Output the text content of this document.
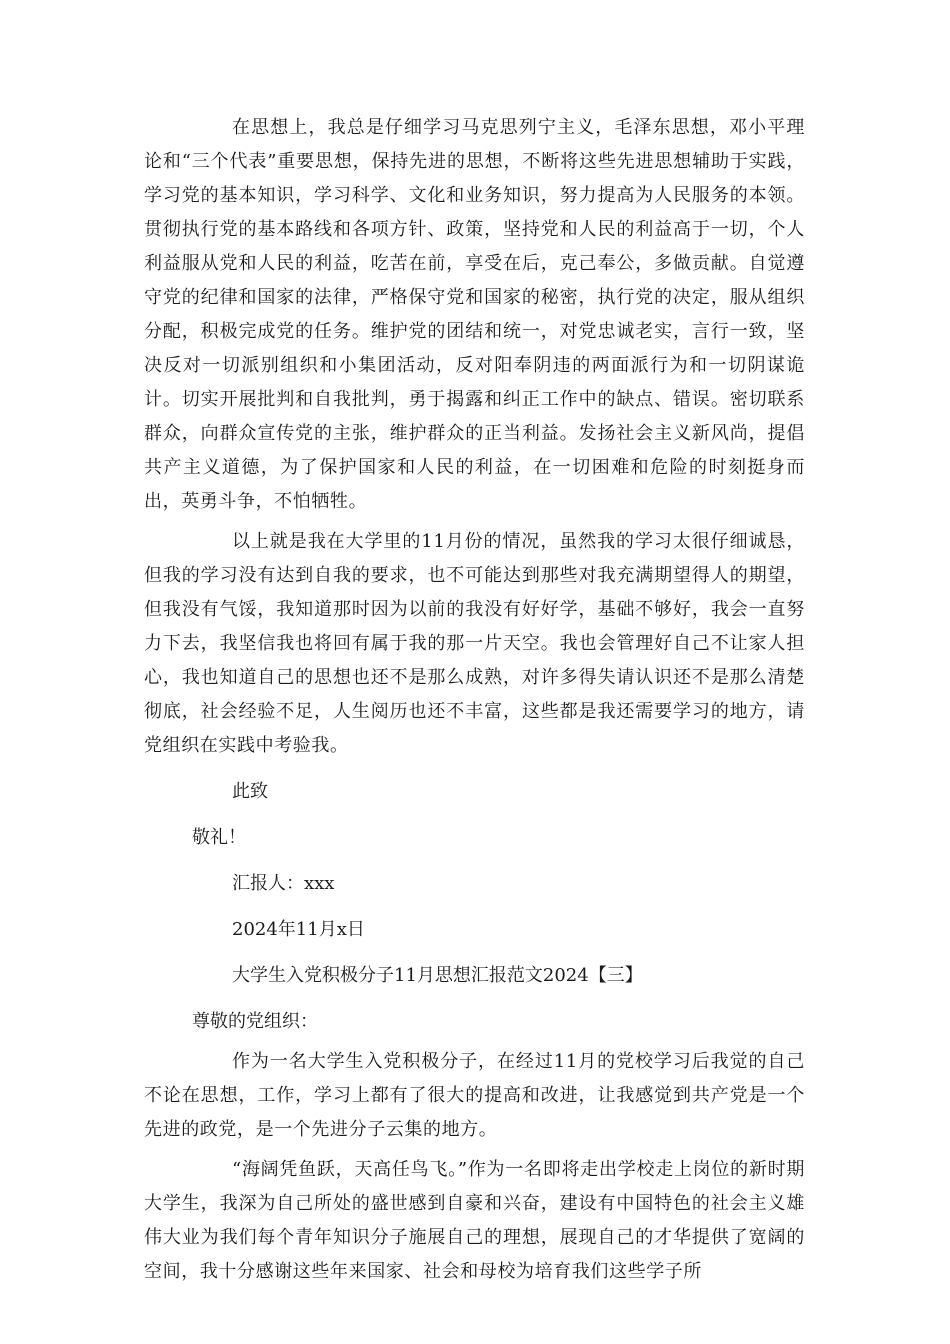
在思想上，我总是仔细学习马克思列宁主义，毛泽东思想，邓小平理论和“三个代表”重要思想，保持先进的思想，不断将这些先进思想辅助于实践，学习党的基本知识，学习科学、文化和业务知识，努力提高为人民服务的本领。贯彻执行党的基本路线和各项方针、政策，坚持党和人民的利益高于一切，个人利益服从党和人民的利益，吃苦在前，享受在后，克己奉公，多做贡献。自觉遵守党的纪律和国家的法律，严格保守党和国家的秘密，执行党的决定，服从组织分配，积极完成党的任务。维护党的团结和统一，对党忠诚老实，言行一致，坚决反对一切派别组织和小集团活动，反对阳奉阴违的两面派行为和一切阴谋诡计。切实开展批判和自我批判，勇于揭露和纠正工作中的缺点、错误。密切联系群众，向群众宣传党的主张，维护群众的正当利益。发扬社会主义新风尚，提倡共产主义道德，为了保护国家和人民的利益，在一切困难和危险的时刻挺身而出，英勇斗争，不怕牺牲。

以上就是我在大学里的11月份的情况，虽然我的学习太很仔细诚恳，但我的学习没有达到自我的要求，也不可能达到那些对我充满期望得人的期望，但我没有气馁，我知道那时因为以前的我没有好好学，基础不够好，我会一直努力下去，我坚信我也将回有属于我的那一片天空。我也会管理好自己不让家人担心，我也知道自己的思想也还不是那么成熟，对许多得失请认识还不是那么清楚彻底，社会经验不足，人生阅历也还不丰富，这些都是我还需要学习的地方，请党组织在实践中考验我。

此致

敬礼！

汇报人：xxx

2024年11月x日

大学生入党积极分子11月思想汇报范文2024【三】

尊敬的党组织：

作为一名大学生入党积极分子，在经过11月的党校学习后我觉的自己不论在思想，工作，学习上都有了很大的提高和改进，让我感觉到共产党是一个先进的政党，是一个先进分子云集的地方。

“海阔凭鱼跃，天高任鸟飞。”作为一名即将走出学校走上岗位的新时期大学生，我深为自己所处的盛世感到自豪和兴奋，建设有中国特色的社会主义雄伟大业为我们每个青年知识分子施展自己的理想，展现自己的才华提供了宽阔的空间，我十分感谢这些年来国家、社会和母校为培育我们这些学子所
